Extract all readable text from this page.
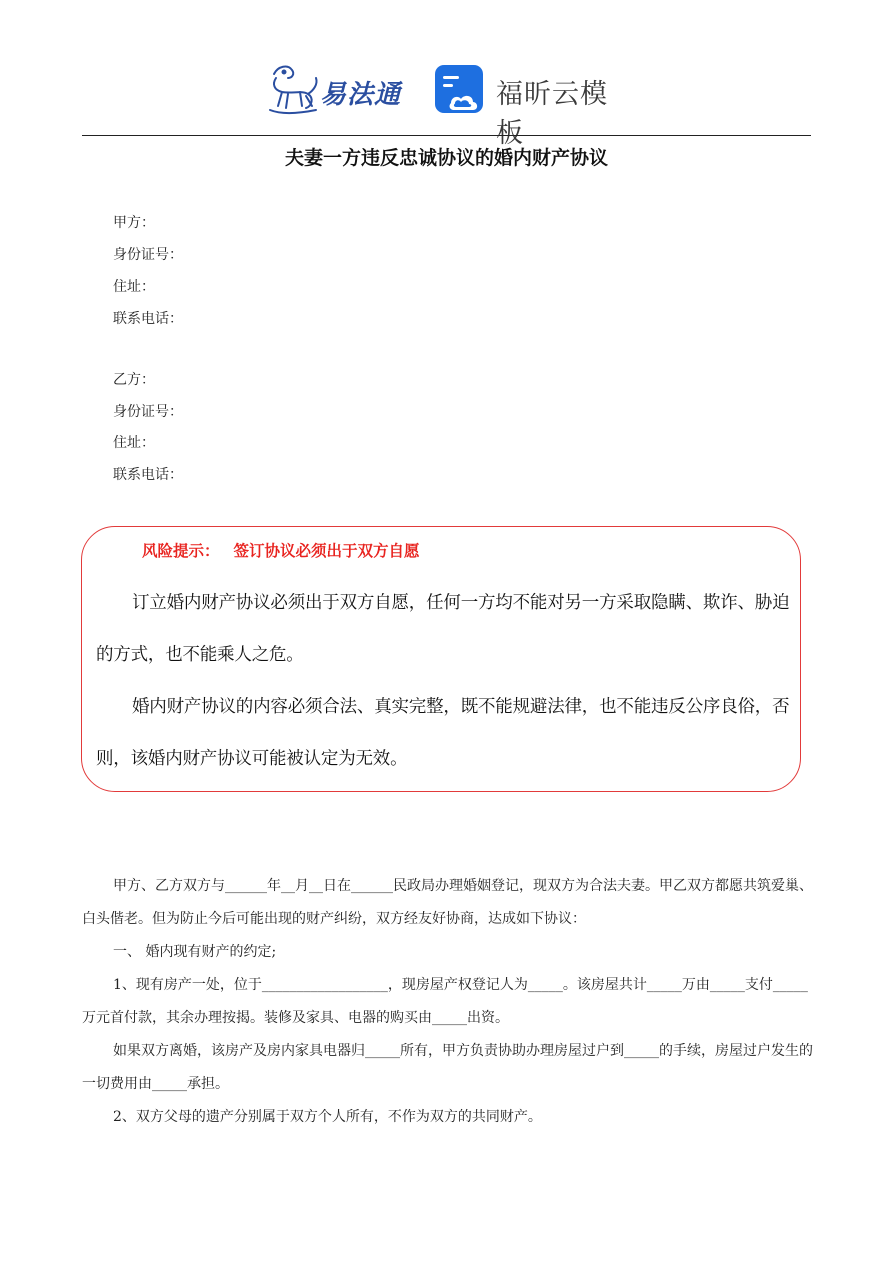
易法通	福昕云模板
夫妻一方违反忠诚协议的婚内财产协议
甲方：
身份证号：
住址：
联系电话：
乙方：
身份证号：
住址：
联系电话：
风险提示： 签订协议必须出于双方自愿
订立婚内财产协议必须出于双方自愿，任何一方均不能对另一方采取隐瞒、欺诈、胁迫的方式，也不能乘人之危。
婚内财产协议的内容必须合法、真实完整，既不能规避法律，也不能违反公序良俗，否则，该婚内财产协议可能被认定为无效。
甲方、乙方双方与______年__月__日在______民政局办理婚姻登记，现双方为合法夫妻。甲乙双方都愿共筑爱巢、白头偕老。但为防止今后可能出现的财产纠纷，双方经友好协商，达成如下协议：
一、 婚内现有财产的约定;
1、现有房产一处，位于__________________，现房屋产权登记人为_____。该房屋共计_____万由_____支付_____万元首付款，其余办理按揭。装修及家具、电器的购买由_____出资。
如果双方离婚，该房产及房内家具电器归_____所有，甲方负责协助办理房屋过户到_____的手续，房屋过户发生的一切费用由_____承担。
2、双方父母的遗产分别属于双方个人所有，不作为双方的共同财产。
